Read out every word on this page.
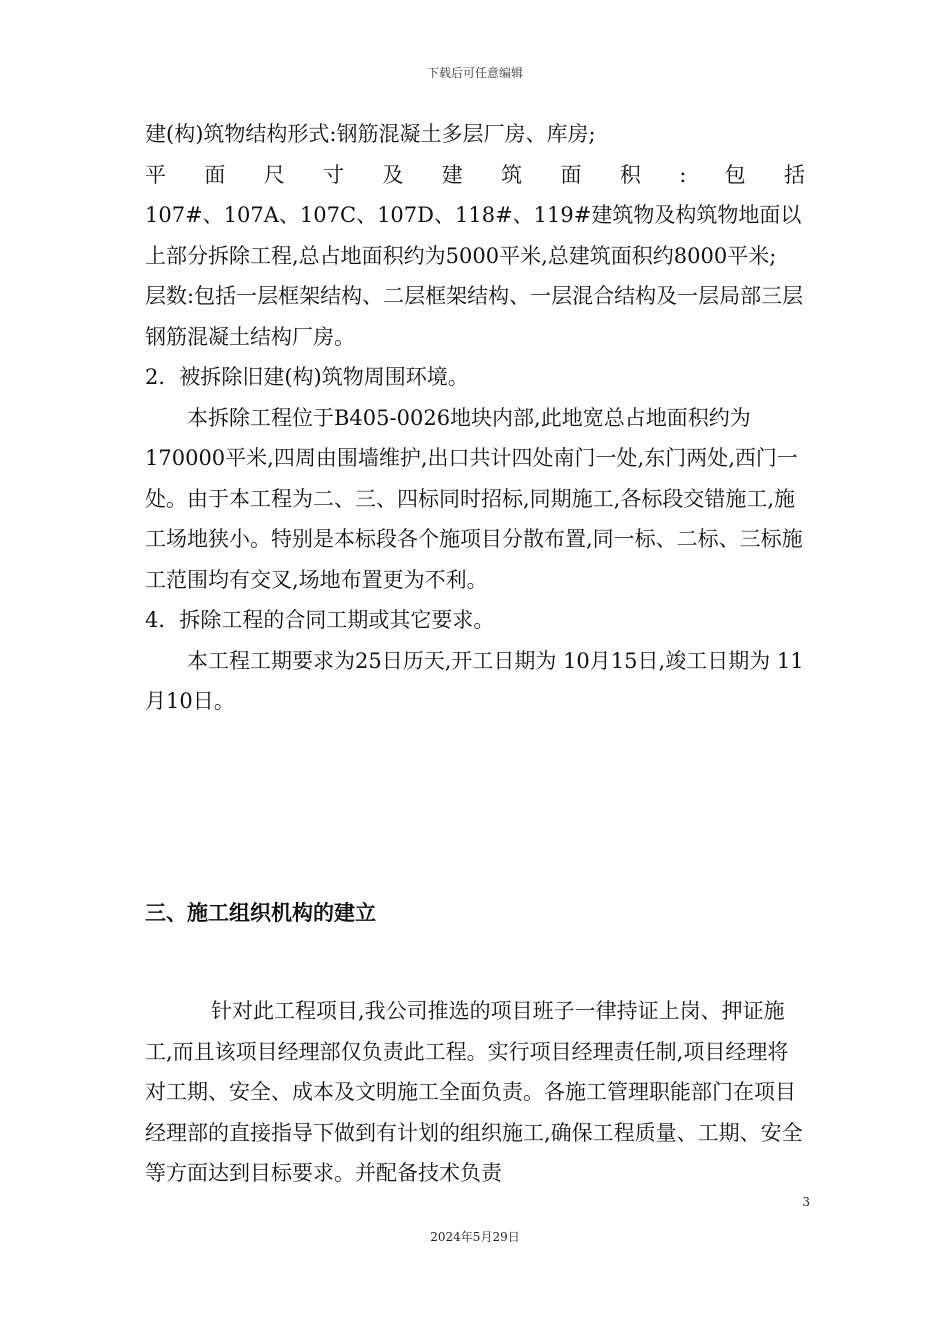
下载后可任意编辑

建(构)筑物结构形式:钢筋混凝土多层厂房、库房;

平面尺寸及建筑面积:包括

107#、107A、107C、107D、118#、119#建筑物及构筑物地面以上部分拆除工程,总占地面积约为5000平米,总建筑面积约8000平米;

层数:包括一层框架结构、二层框架结构、一层混合结构及一层局部三层钢筋混凝土结构厂房。

2．被拆除旧建(构)筑物周围环境。

本拆除工程位于B405-0026地块内部,此地宽总占地面积约为170000平米,四周由围墙维护,出口共计四处南门一处,东门两处,西门一处。由于本工程为二、三、四标同时招标,同期施工,各标段交错施工,施工场地狭小。特别是本标段各个施项目分散布置,同一标、二标、三标施工范围均有交叉,场地布置更为不利。

4．拆除工程的合同工期或其它要求。

本工程工期要求为25日历天,开工日期为 10月15日,竣工日期为 11月10日。

三、施工组织机构的建立

针对此工程项目,我公司推选的项目班子一律持证上岗、押证施工,而且该项目经理部仅负责此工程。实行项目经理责任制,项目经理将对工期、安全、成本及文明施工全面负责。各施工管理职能部门在项目经理部的直接指导下做到有计划的组织施工,确保工程质量、工期、安全等方面达到目标要求。并配备技术负责

3
2024年5月29日
